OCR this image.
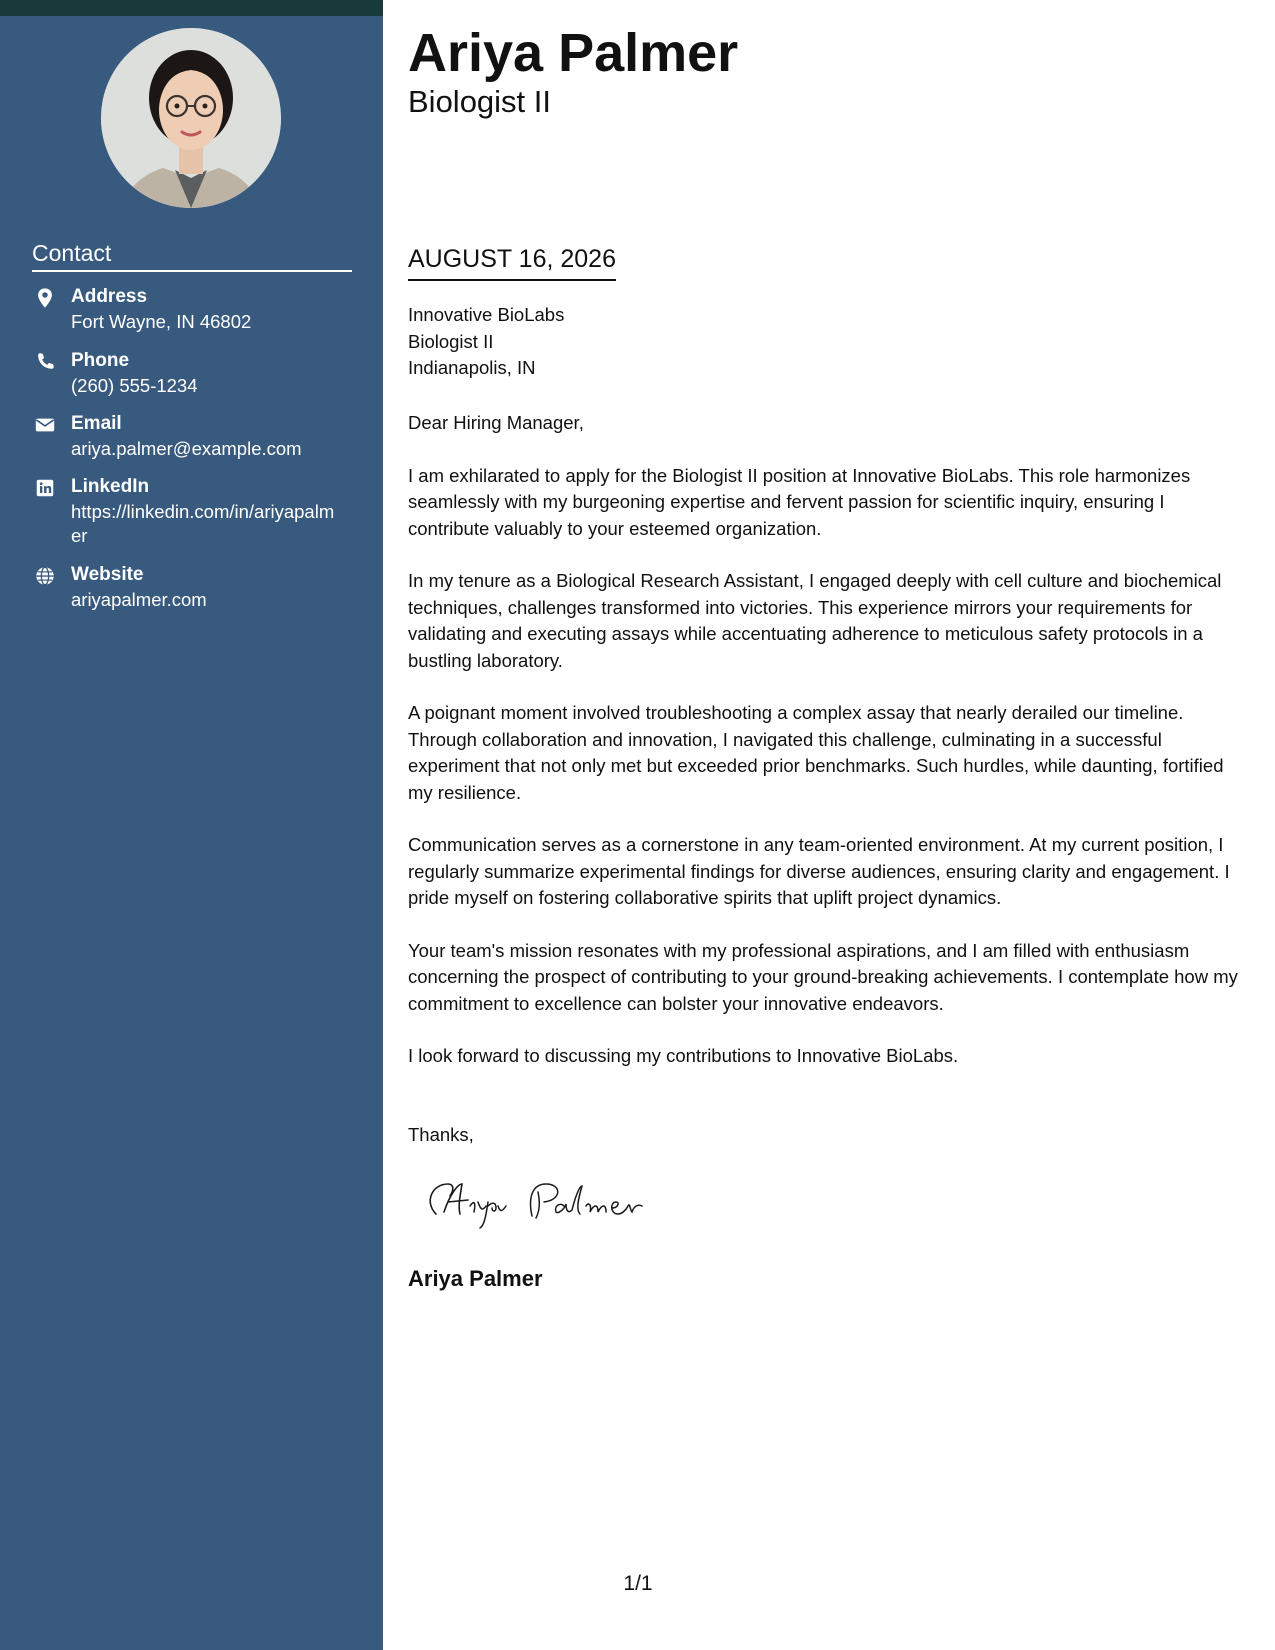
Contact
Address
Fort Wayne, IN 46802
Phone
(260) 555-1234
Email
ariya.palmer@example.com
LinkedIn
https://linkedin.com/in/ariyapalmer
Website
ariyapalmer.com
Ariya Palmer
Biologist II
AUGUST 16, 2026
Innovative BioLabs
Biologist II
Indianapolis, IN

Dear Hiring Manager,

I am exhilarated to apply for the Biologist II position at Innovative BioLabs. This role harmonizes seamlessly with my burgeoning expertise and fervent passion for scientific inquiry, ensuring I contribute valuably to your esteemed organization.

In my tenure as a Biological Research Assistant, I engaged deeply with cell culture and biochemical techniques, challenges transformed into victories. This experience mirrors your requirements for validating and executing assays while accentuating adherence to meticulous safety protocols in a bustling laboratory.

A poignant moment involved troubleshooting a complex assay that nearly derailed our timeline. Through collaboration and innovation, I navigated this challenge, culminating in a successful experiment that not only met but exceeded prior benchmarks. Such hurdles, while daunting, fortified my resilience.

Communication serves as a cornerstone in any team-oriented environment. At my current position, I regularly summarize experimental findings for diverse audiences, ensuring clarity and engagement. I pride myself on fostering collaborative spirits that uplift project dynamics.

Your team's mission resonates with my professional aspirations, and I am filled with enthusiasm concerning the prospect of contributing to your ground-breaking achievements. I contemplate how my commitment to excellence can bolster your innovative endeavors.

I look forward to discussing my contributions to Innovative BioLabs.

Thanks,
Ariya Palmer
1/1
